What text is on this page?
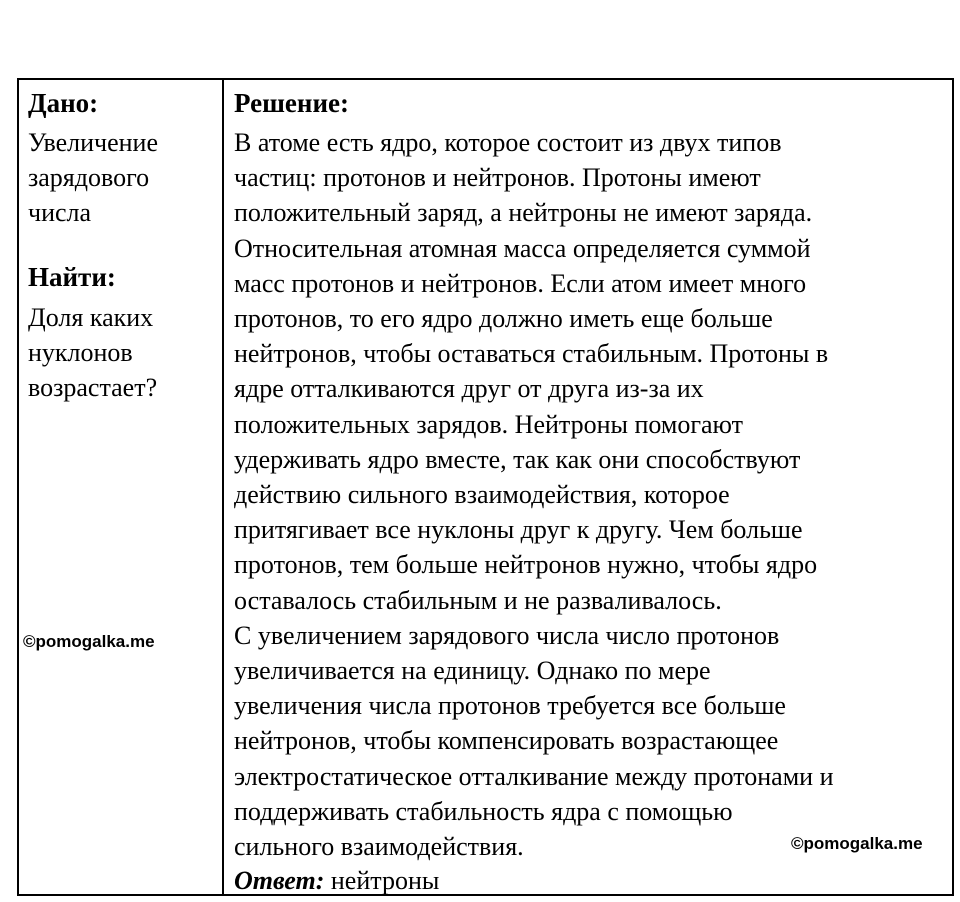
Дано:

Увеличение
зарядового
числа

Найти:

Доля каких
нуклонов
возрастает?

Решение:

В атоме есть ядро, которое состоит из двух типов
частиц: протонов и нейтронов. Протоны имеют
положительный заряд, а нейтроны не имеют заряда.
Относительная атомная масса определяется суммой
масс протонов и нейтронов. Если атом имеет много
протонов, то его ядро должно иметь еще больше
нейтронов, чтобы оставаться стабильным. Протоны в
ядре отталкиваются друг от друга из-за их
положительных зарядов. Нейтроны помогают
удерживать ядро вместе, так как они способствуют
действию сильного взаимодействия, которое
притягивает все нуклоны друг к другу. Чем больше
протонов, тем больше нейтронов нужно, чтобы ядро
оставалось стабильным и не разваливалось.
С увеличением зарядового числа число протонов
увеличивается на единицу. Однако по мере
увеличения числа протонов требуется все больше
нейтронов, чтобы компенсировать возрастающее
электростатическое отталкивание между протонами и
поддерживать стабильность ядра с помощью
сильного взаимодействия.

Ответ: нейтроны

©pomogalka.me
©pomogalka.me
